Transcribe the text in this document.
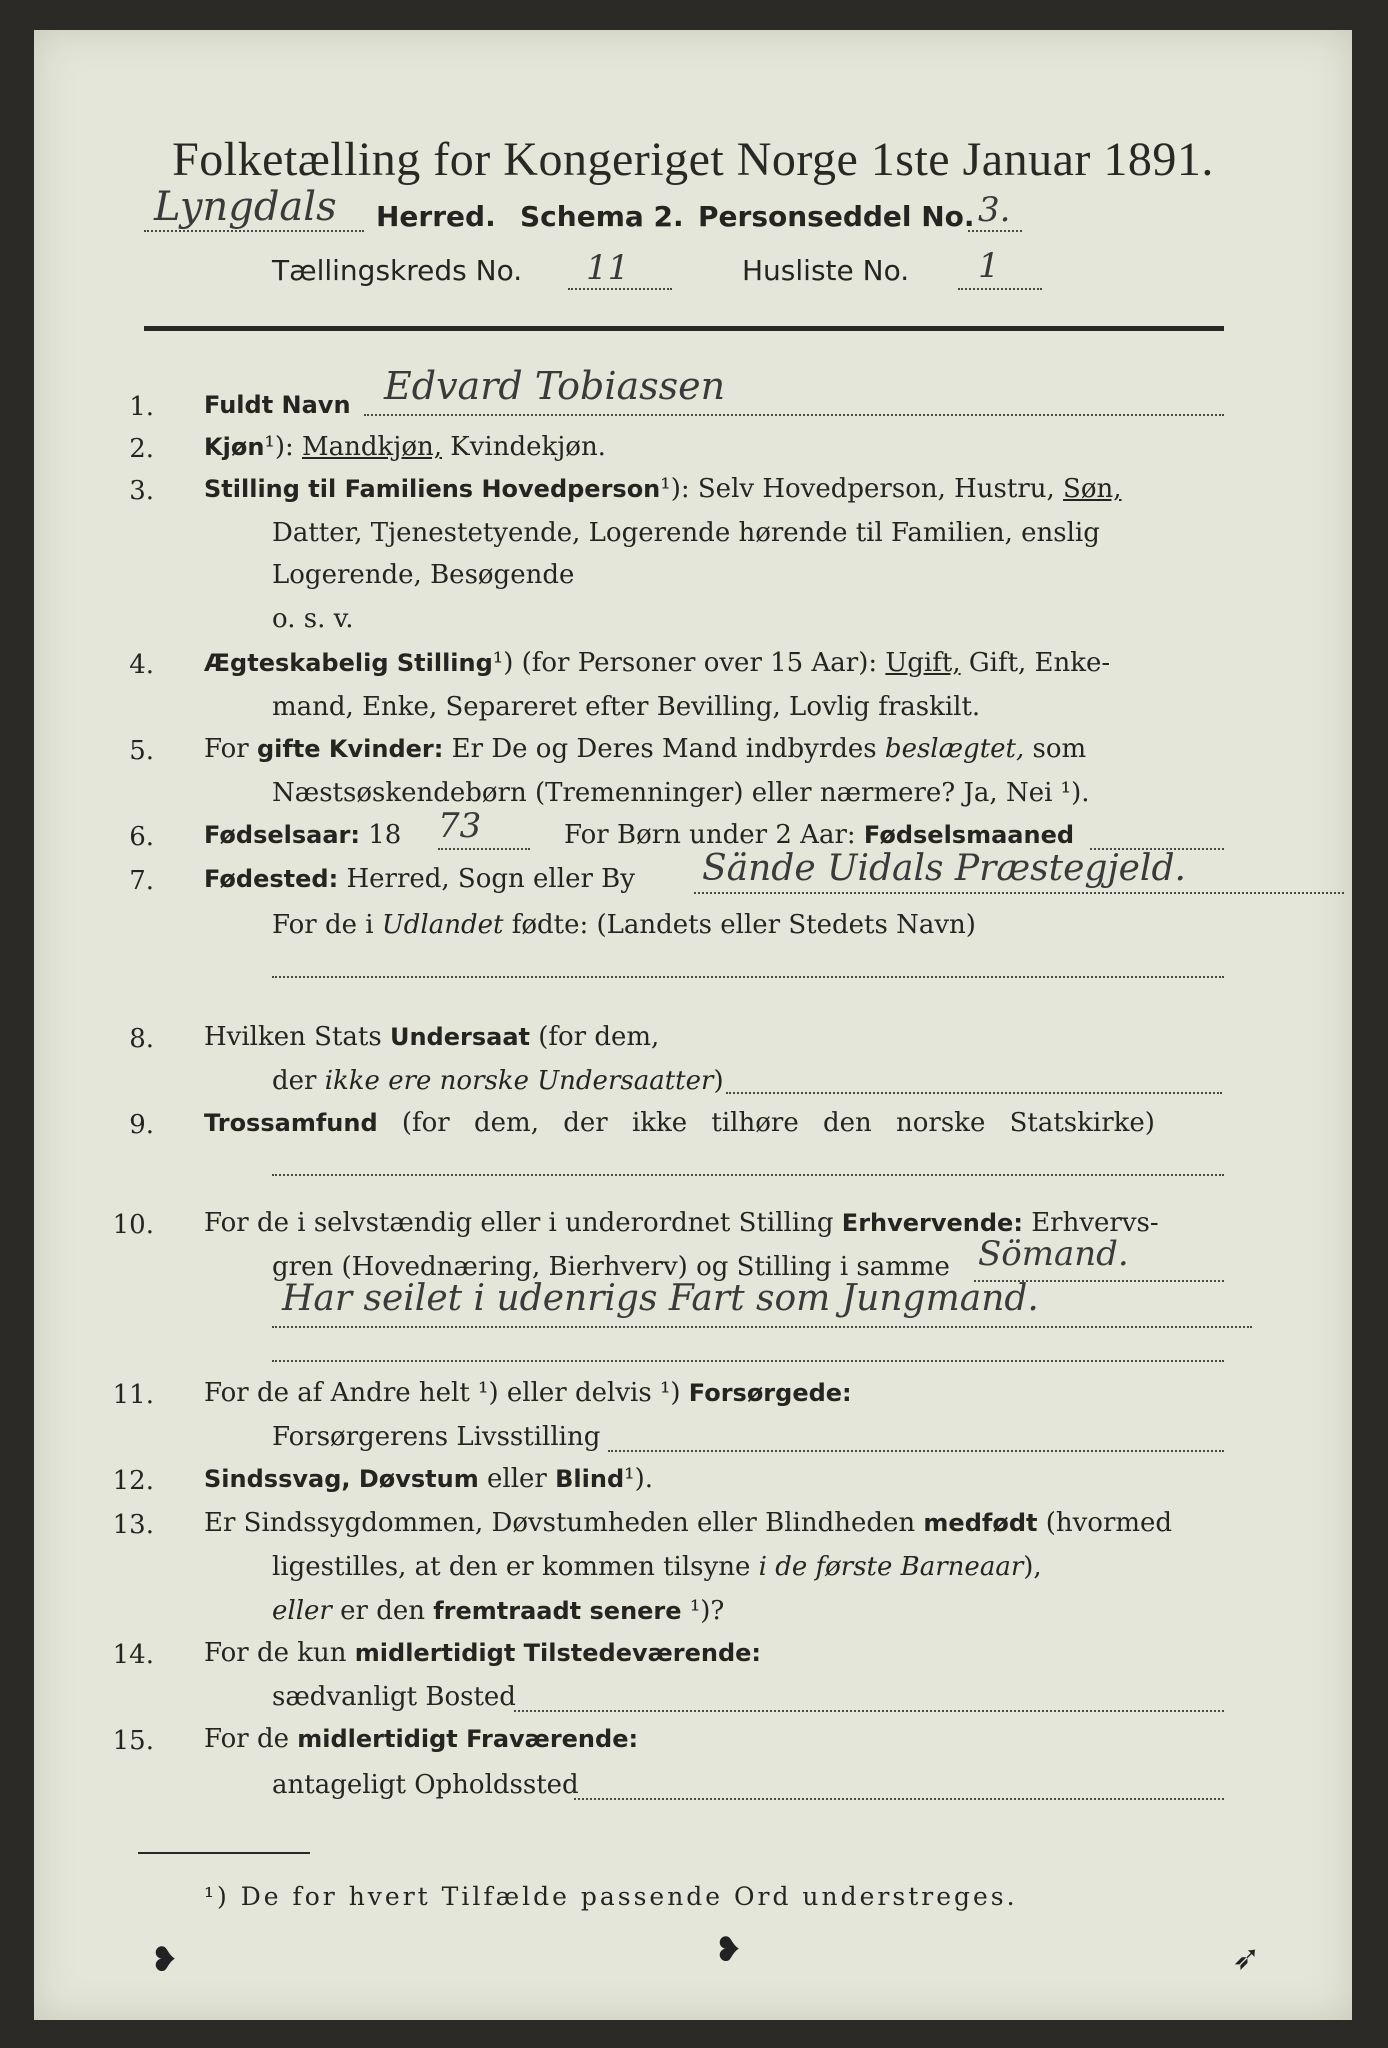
Folketælling for Kongeriget Norge 1ste Januar 1891.
Lyngdals Herred. Schema 2. Personseddel No. 3.
Tællingskreds No. 11	Husliste No. 1
1. Fuldt Navn Edvard Tobiassen
2. Kjøn¹): Mandkjøn, Kvindekjøn.
3. Stilling til Familiens Hovedperson¹): Selv Hovedperson, Hustru, Søn,
Datter, Tjenestetyende, Logerende hørende til Familien, enslig
Logerende, Besøgende
o. s. v.
4. Ægteskabelig Stilling¹) (for Personer over 15 Aar): Ugift, Gift, Enke-
mand, Enke, Separeret efter Bevilling, Lovlig fraskilt.
5. For gifte Kvinder: Er De og Deres Mand indbyrdes beslægtet, som
Næstsøskendebørn (Tremenninger) eller nærmere? Ja, Nei ¹).
6. Fødselsaar: 18 73	For Børn under 2 Aar: Fødselsmaaned
7. Fødested: Herred, Sogn eller By Sände Uidals Præstegjeld.
For de i Udlandet fødte: (Landets eller Stedets Navn)
8. Hvilken Stats Undersaat (for dem,
der ikke ere norske Undersaatter)
9. Trossamfund (for dem, der ikke tilhøre den norske Statskirke)
10. For de i selvstændig eller i underordnet Stilling Erhvervende: Erhvervs-
gren (Hovednæring, Bierhverv) og Stilling i samme Sömand.
Har seilet i udenrigs Fart som Jungmand.
11. For de af Andre helt ¹) eller delvis ¹) Forsørgede:
Forsørgerens Livsstilling
12. Sindssvag, Døvstum eller Blind¹).
13. Er Sindssygdommen, Døvstumheden eller Blindheden medfødt (hvormed
ligestilles, at den er kommen tilsyne i de første Barneaar),
eller er den fremtraadt senere ¹)?
14. For de kun midlertidigt Tilstedeværende:
sædvanligt Bosted
15. For de midlertidigt Fraværende:
antageligt Opholdssted
¹) De for hvert Tilfælde passende Ord understreges.
❥	❥	➶
